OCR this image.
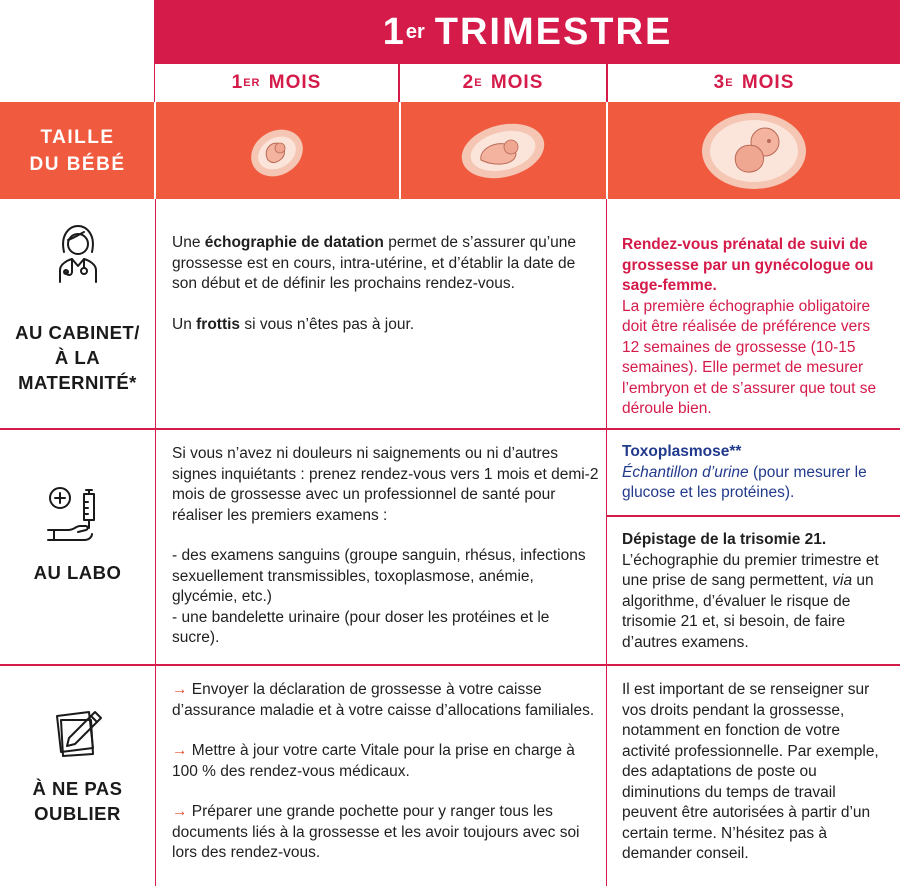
1 er TRIMESTRE
1 ER
MOIS	2 E
MOIS	3 E
MOIS
TAILLE
DU BÉBÉ
AU CABINET/
À LA
MATERNITÉ*

Une échographie de datation permet de s’assurer qu’une grossesse est en cours, intra-utérine, et d’établir la date de son début et de définir les prochains rendez-vous.

Un frottis si vous n’êtes pas à jour.

Rendez-vous prénatal de suivi de grossesse par un gynécologue ou sage-femme.

La première échographie obligatoire doit être réalisée de préférence vers 12 semaines de grossesse (10-15 semaines). Elle permet de mesurer l’embryon et de s’assurer que tout se déroule bien.

AU LABO

Si vous n’avez ni douleurs ni saignements ou ni d’autres signes inquiétants : prenez rendez-vous vers 1 mois et demi-2 mois de grossesse avec un professionnel de santé pour réaliser les premiers examens :

- des examens sanguins (groupe sanguin, rhésus, infections sexuellement transmissibles, toxoplasmose, anémie, glycémie, etc.)

- une bandelette urinaire (pour doser les protéines et le sucre).

Toxoplasmose**

Échantillon d’urine (pour mesurer le glucose et les protéines).

Dépistage de la trisomie 21.

L’échographie du premier trimestre et une prise de sang permettent, via un algorithme, d’évaluer le risque de trisomie 21 et, si besoin, de faire d’autres examens.

À NE PAS
OUBLIER

→ Envoyer la déclaration de grossesse à votre caisse d’assurance maladie et à votre caisse d’allocations familiales.

→ Mettre à jour votre carte Vitale pour la prise en charge à 100 % des rendez-vous médicaux.

→ Préparer une grande pochette pour y ranger tous les documents liés à la grossesse et les avoir toujours avec soi lors des rendez-vous.

Il est important de se renseigner sur vos droits pendant la grossesse, notamment en fonction de votre activité professionnelle. Par exemple, des adaptations de poste ou diminutions du temps de travail peuvent être autorisées à partir d’un certain terme. N’hésitez pas à demander conseil.
